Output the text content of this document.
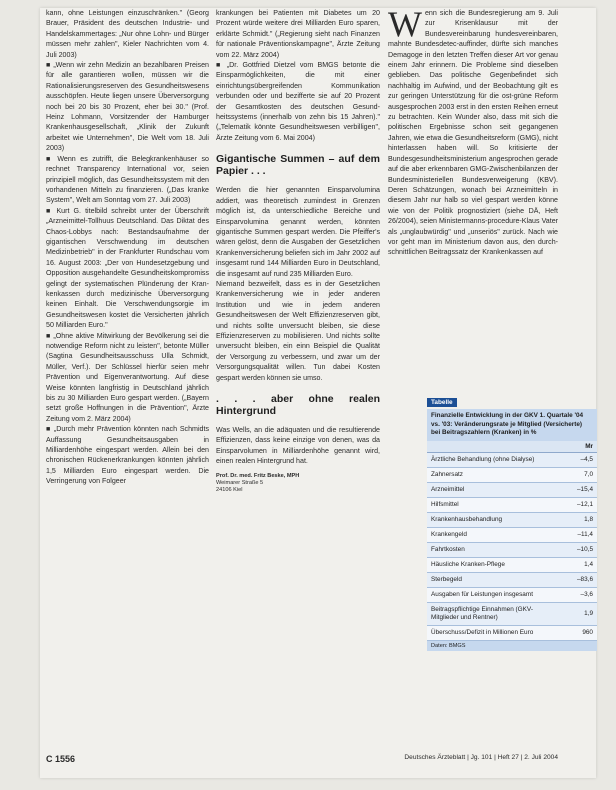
kann, ohne Leistungen einzuschränken." (Georg Brauer, Präsident des deutschen Industrie- und Handelskammertages: „Nur ohne Lohn- und Bürger müssen mehr zahlen", Kieler Nachrichten vom 4. Juli 2003)

■ „Wenn wir zehn Medizin an bezahlbaren Preisen für alle garantieren wollen, müssen wir die Rationalisierungsreserven des Gesundheitswesens ausschöpfen. Heute liegen unsere Überversorgung noch bei 20 bis 30 Prozent, eher bei 30." (Prof. Heinz Lohmann, Vorsitzender der Hamburger Krankenhausgesellschaft, „Klinik der Zukunft arbeitet wie Unternehmen", Die Welt vom 18. Juli 2003)

■ Wenn es zutrifft, die Belegkrankenhäuser so rechnet Transparency International vor, seien prinzipiell möglich, das Gesundheitssystem mit den vorhandenen Mitteln zu finanzieren. („Das kranke System", Welt am Sonntag vom 27. Juli 2003)

■ Kurt G. titelbild schreibt unter der Überschrift „Arzneimittel-Tollhuus Deutschland. Das Diktat des Chaos-Lobbys nach: Bestandsaufnahme der gigantischen Verschwendung im deutschen Medizinbetrieb" in der Frankfurter Rundschau vom 16. August 2003: „Der von Hundesetzgebung und Opposition ausgehandelte Gesundheitskompromiss gelingt der systematischen Plünderung der Krankenkassen durch medizinische Überversorgung keinen Einhalt. Die Verschwendungsorgie im Gesundheitswesen kostet die Versicherten jährlich 50 Milliarden Euro."

■ „Ohne aktive Mitwirkung der Bevölkerung sei die notwendige Reform nicht zu leisten", betonte Müller (Sagtina Gesundheitsausschuss Ulla Schmidt, Müller, Verf.). Der Schlüssel hierfür seien mehr Prävention und Eigenverantwortung. Auf diese Weise könnten langfristig in Deutschland jährlich bis zu 30 Milliarden Euro gespart werden. („Bayern setzt große Hoffnungen in die Prävention", Ärzte Zeitung vom 2. März 2004)

■ „Durch mehr Prävention könnten nach Schmidts Auffassung Gesundheitsausgaben in Milliardenhöhe eingespart werden. Allein bei den chronischen Rückenerkrankungen könnten jährlich 1,5 Milliarden Euro eingespart werden. Die Verringerung von Folgeer

krankungen bei Patienten mit Diabetes um 20 Prozent würde weitere drei Milliarden Euro sparen, erklärte Schmidt." („Regierung sieht nach Finanzen für nationale Präventionskampagne", Ärzte Zeitung vom 22. März 2004)

■ „Dr. Gottfried Dietzel vom BMGS betonte die Einsparmöglichkeiten, die mit einer einrichtungsübergreifenden Kommunikation verbunden oder und bezifferte sie auf 20 Prozent der Gesamtkosten des deutschen Gesundheitssystems (innerhalb von zehn bis 15 Jahren)." („Telematik könnte Gesundheitswesen verbilligen", Ärzte Zeitung vom 6. Mai 2004)

Gigantische Summen – auf dem Papier . . .

Werden die hier genannten Einsparvolumina addiert, was theoretisch zumindest in Grenzen möglich ist, da unterschiedliche Bereiche und Einsparvolumina genannt werden, könnten gigantische Summen gespart werden. Die Pfeiffer's wären gelöst, denn die Ausgaben der Gesetzlichen Krankenversicherung beliefen sich im Jahr 2002 auf insgesamt rund 144 Milliarden Euro in Deutschland, die insgesamt auf rund 235 Milliarden Euro.

Niemand bezweifelt, dass es in der Gesetzlichen Krankenversicherung wie in jeder anderen Institution und wie in jedem anderen Gesundheitswesen der Welt Effizienzreserven gibt, und nichts sollte unversucht bleiben, sie diese Effizienzreserven zu mobilisieren. Und nichts sollte unversucht bleiben, ein einn Beispiel die Qualität der Versorgung zu verbessern, und zwar um der Versorgungsqualität willen. Tun dabei Kosten gespart werden können sie umso.

. . . aber ohne realen Hintergrund

Was Wells, an die adäquaten und die resultierende Effizienzen, dass keine einzige von denen, was da Einsparvolumen in Milliardenhöhe genannt wird, einen realen Hintergrund hat.

Prof. Dr. med. Fritz Beske, MPH
Weimarer Straße 5
24106 Kiel
W enn sich die Bundesregierung am 9. Juli zur Krisenklausur mit der Bundesvereinbarung hundesvereinbaren, mahnte Bundesdetec-auffinder, dürfte sich manches Demagoge in den letzten Treffen dieser Art vor genau einem Jahr erinnern. Die Probleme sind dieselben geblieben. Das politische Gegenbefindet sich nachhaltig im Aufwind, und der Beobachtung gilt es zur geringen Unterstützung für die ost-grüne Reform ausgesprochen 2003 erst in den ersten Reihen erneut zu betrachten. Kein Wunder also, dass mit sich die politischen Ergebnisse schon seit gegangenen Jahren, wie etwa die Gesundheitsreform (GMG), nicht hinterlassen haben will. So kritisierte der Bundesgesundheitsministerium angesprochen gerade auf die aber erkennbaren GMG-Zwischenbilanzen der Bundesministeriellen Bundesverweigerung (KBV). Deren Schätzungen, wonach bei Arzneimitteln in diesem Jahr nur halb so viel gespart werden könne wie von der Politik prognostiziert (siehe DÄ, Heft 26/2004), seien Ministermanns-procedure-Klaus Vater als „unglaubwürdig" und „unseriös" zurück. Nach wie vor geht man im Ministerium davon aus, den durch-schnittlichen Beitragssatz der Krankenkassen auf

Tabelle
Finanzielle Entwicklung in der GKV 1. Quartale '04 vs. '03: Veränderungsrate je Mitglied (Versicherte) bei Beitragszahlern (Kranken) in %
Mr
Ärztliche Behandlung (ohne Dialyse)	–4,5
Zahnersatz	7,0
Arzneimittel	–15,4
Hilfsmittel	–12,1
Krankenhausbehandlung	1,8
Krankengeld	–11,4
Fahrtkosten	–10,5
Häusliche Kranken-Pflege	1,4
Sterbegeld	–83,6
Ausgaben für Leistungen insgesamt	–3,6
Beitragspflichtige Einnahmen (GKV-Mitglieder und Rentner)
1,9
Überschuss/Defizit in Millionen Euro	960
Daten: BMGS
C 1556	Deutsches Ärzteblatt | Jg. 101 | Heft 27 | 2. Juli 2004
